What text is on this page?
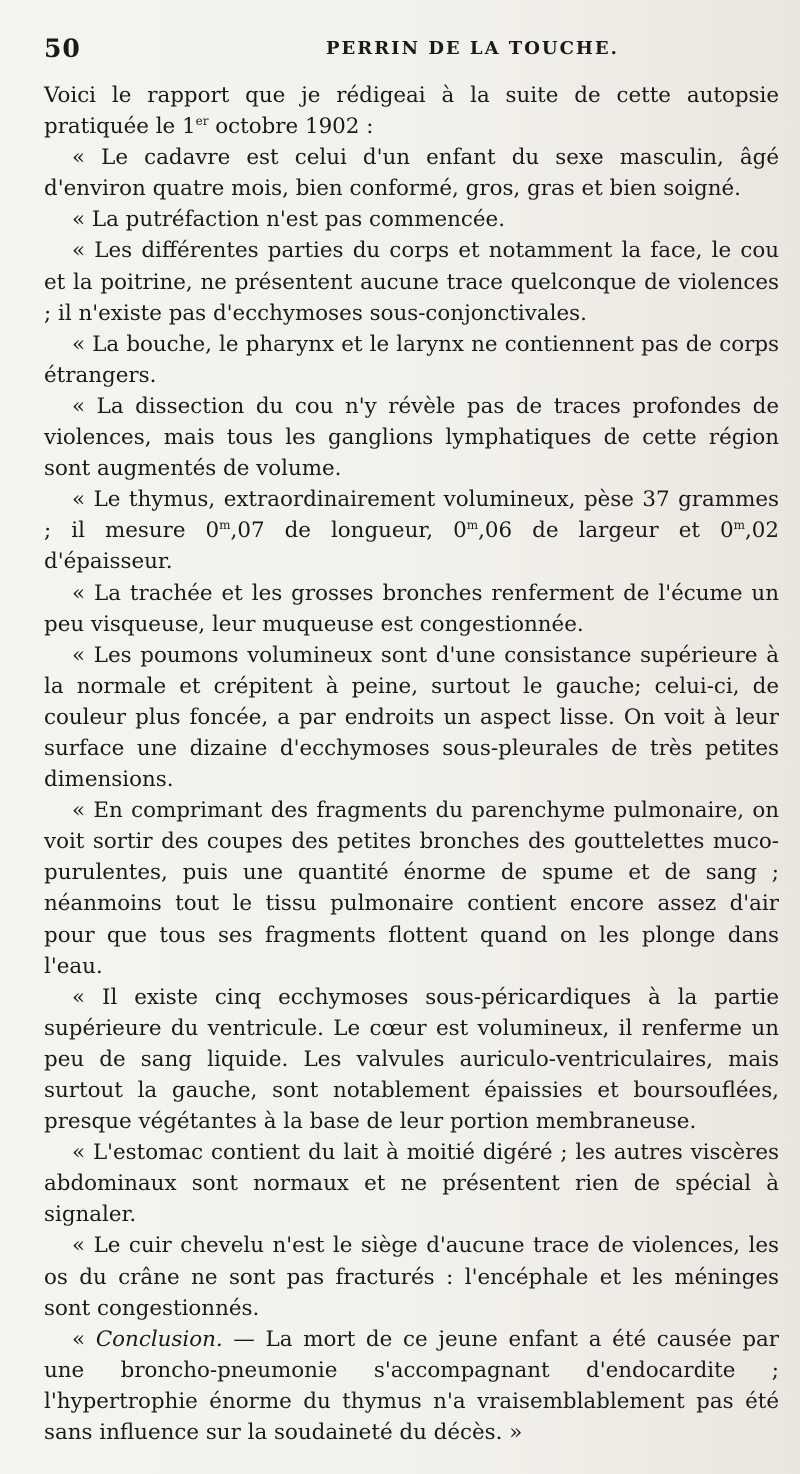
50	PERRIN DE LA TOUCHE.

Voici le rapport que je rédigeai à la suite de cette autopsie pratiquée le 1er octobre 1902 :

« Le cadavre est celui d'un enfant du sexe masculin, âgé d'environ quatre mois, bien conformé, gros, gras et bien soigné.

« La putréfaction n'est pas commencée.

« Les différentes parties du corps et notamment la face, le cou et la poitrine, ne présentent aucune trace quelconque de violences ; il n'existe pas d'ecchymoses sous-conjonctivales.

« La bouche, le pharynx et le larynx ne contiennent pas de corps étrangers.

« La dissection du cou n'y révèle pas de traces profondes de violences, mais tous les ganglions lymphatiques de cette région sont augmentés de volume.

« Le thymus, extraordinairement volumineux, pèse 37 grammes ; il mesure 0$^m$,07 de longueur, 0$^m$,06 de largeur et 0$^m$,02 d'épaisseur.

« La trachée et les grosses bronches renferment de l'écume un peu visqueuse, leur muqueuse est congestionnée.

« Les poumons volumineux sont d'une consistance supérieure à la normale et crépitent à peine, surtout le gauche; celui-ci, de couleur plus foncée, a par endroits un aspect lisse. On voit à leur surface une dizaine d'ecchymoses sous-pleurales de très petites dimensions.

« En comprimant des fragments du parenchyme pulmonaire, on voit sortir des coupes des petites bronches des gouttelettes muco-purulentes, puis une quantité énorme de spume et de sang ; néanmoins tout le tissu pulmonaire contient encore assez d'air pour que tous ses fragments flottent quand on les plonge dans l'eau.

« Il existe cinq ecchymoses sous-péricardiques à la partie supérieure du ventricule. Le cœur est volumineux, il renferme un peu de sang liquide. Les valvules auriculo-ventriculaires, mais surtout la gauche, sont notablement épaissies et boursouflées, presque végétantes à la base de leur portion membraneuse.

« L'estomac contient du lait à moitié digéré ; les autres viscères abdominaux sont normaux et ne présentent rien de spécial à signaler.

« Le cuir chevelu n'est le siège d'aucune trace de violences, les os du crâne ne sont pas fracturés : l'encéphale et les méninges sont congestionnés.

« Conclusion. — La mort de ce jeune enfant a été causée par une broncho-pneumonie s'accompagnant d'endocardite ; l'hypertrophie énorme du thymus n'a vraisemblablement pas été sans influence sur la soudaineté du décès. »
